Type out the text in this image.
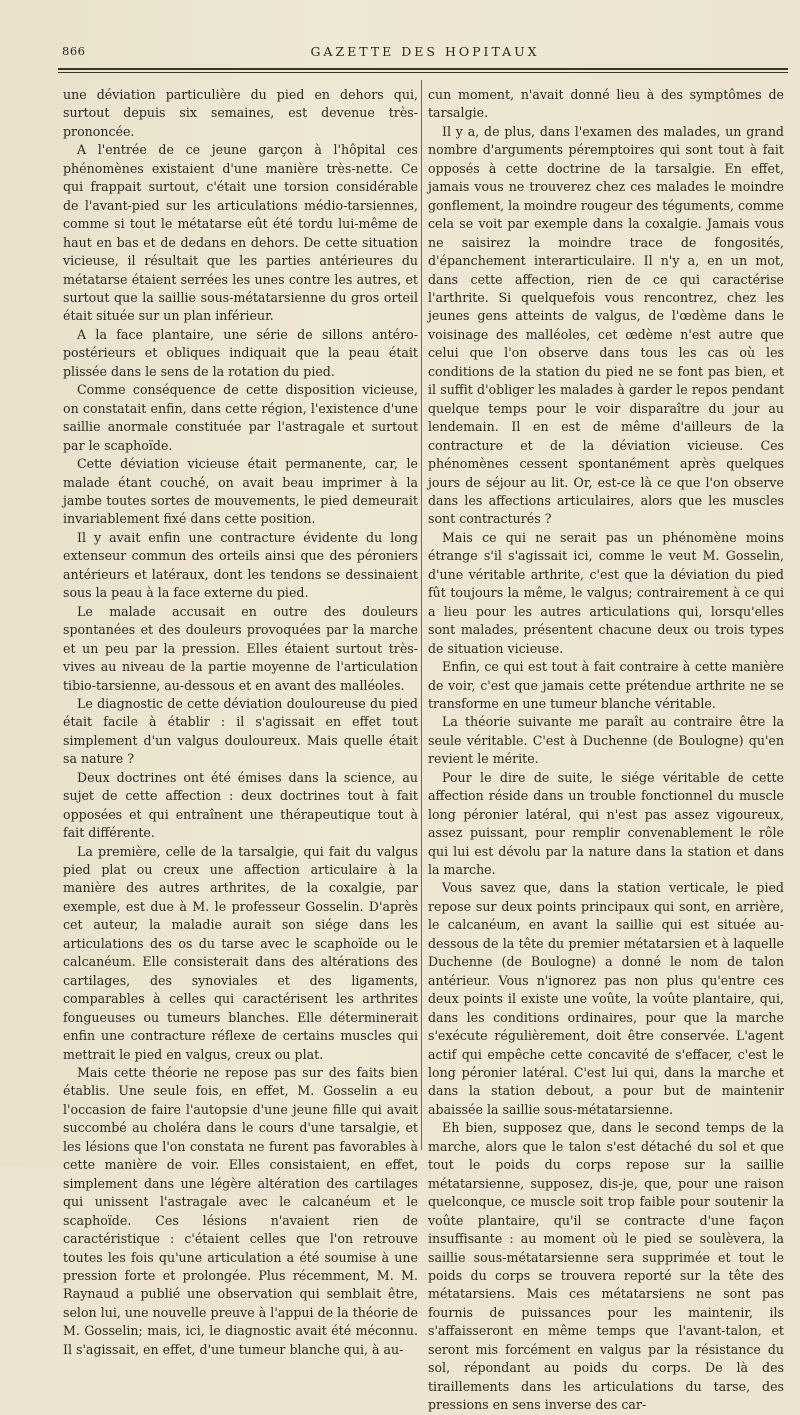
866	GAZETTE DES HOPITAUX

une déviation particulière du pied en dehors qui, surtout depuis six semaines, est devenue très-prononcée.

A l'entrée de ce jeune garçon à l'hôpital ces phénomènes existaient d'une manière très-nette. Ce qui frappait surtout, c'était une torsion considérable de l'avant-pied sur les articulations médio-tarsiennes, comme si tout le métatarse eût été tordu lui-même de haut en bas et de dedans en dehors. De cette situation vicieuse, il résultait que les parties antérieures du métatarse étaient serrées les unes contre les autres, et surtout que la saillie sous-métatarsienne du gros orteil était située sur un plan inférieur.

A la face plantaire, une série de sillons antéro-postérieurs et obliques indiquait que la peau était plissée dans le sens de la rotation du pied.

Comme conséquence de cette disposition vicieuse, on constatait enfin, dans cette région, l'existence d'une saillie anormale constituée par l'astragale et surtout par le scaphoïde.

Cette déviation vicieuse était permanente, car, le malade étant couché, on avait beau imprimer à la jambe toutes sortes de mouvements, le pied demeurait invariablement fixé dans cette position.

Il y avait enfin une contracture évidente du long extenseur commun des orteils ainsi que des péroniers antérieurs et latéraux, dont les tendons se dessinaient sous la peau à la face externe du pied.

Le malade accusait en outre des douleurs spontanées et des douleurs provoquées par la marche et un peu par la pression. Elles étaient surtout très-vives au niveau de la partie moyenne de l'articulation tibio-tarsienne, au-dessous et en avant des malléoles.

Le diagnostic de cette déviation douloureuse du pied était facile à établir : il s'agissait en effet tout simplement d'un valgus douloureux. Mais quelle était sa nature ?

Deux doctrines ont été émises dans la science, au sujet de cette affection : deux doctrines tout à fait opposées et qui entraînent une thérapeutique tout à fait différente.

La première, celle de la tarsalgie, qui fait du valgus pied plat ou creux une affection articulaire à la manière des autres arthrites, de la coxalgie, par exemple, est due à M. le professeur Gosselin. D'après cet auteur, la maladie aurait son siége dans les articulations des os du tarse avec le scaphoïde ou le calcanéum. Elle consisterait dans des altérations des cartilages, des synoviales et des ligaments, comparables à celles qui caractérisent les arthrites fongueuses ou tumeurs blanches. Elle déterminerait enfin une contracture réflexe de certains muscles qui mettrait le pied en valgus, creux ou plat.

Mais cette théorie ne repose pas sur des faits bien établis. Une seule fois, en effet, M. Gosselin a eu l'occasion de faire l'autopsie d'une jeune fille qui avait succombé au choléra dans le cours d'une tarsalgie, et les lésions que l'on constata ne furent pas favorables à cette manière de voir. Elles consistaient, en effet, simplement dans une légère altération des cartilages qui unissent l'astragale avec le calcanéum et le scaphoïde. Ces lésions n'avaient rien de caractéristique : c'étaient celles que l'on retrouve toutes les fois qu'une articulation a été soumise à une pression forte et prolongée. Plus récemment, M. M. Raynaud a publié une observation qui semblait être, selon lui, une nouvelle preuve à l'appui de la théorie de M. Gosselin; mais, ici, le diagnostic avait été méconnu. Il s'agissait, en effet, d'une tumeur blanche qui, à au-

cun moment, n'avait donné lieu à des symptômes de tarsalgie.

Il y a, de plus, dans l'examen des malades, un grand nombre d'arguments péremptoires qui sont tout à fait opposés à cette doctrine de la tarsalgie. En effet, jamais vous ne trouverez chez ces malades le moindre gonflement, la moindre rougeur des téguments, comme cela se voit par exemple dans la coxalgie. Jamais vous ne saisirez la moindre trace de fongosités, d'épanchement interarticulaire. Il n'y a, en un mot, dans cette affection, rien de ce qui caractérise l'arthrite. Si quelquefois vous rencontrez, chez les jeunes gens atteints de valgus, de l'œdème dans le voisinage des malléoles, cet œdème n'est autre que celui que l'on observe dans tous les cas où les conditions de la station du pied ne se font pas bien, et il suffit d'obliger les malades à garder le repos pendant quelque temps pour le voir disparaître du jour au lendemain. Il en est de même d'ailleurs de la contracture et de la déviation vicieuse. Ces phénomènes cessent spontanément après quelques jours de séjour au lit. Or, est-ce là ce que l'on observe dans les affections articulaires, alors que les muscles sont contracturés ?

Mais ce qui ne serait pas un phénomène moins étrange s'il s'agissait ici, comme le veut M. Gosselin, d'une véritable arthrite, c'est que la déviation du pied fût toujours la même, le valgus; contrairement à ce qui a lieu pour les autres articulations qui, lorsqu'elles sont malades, présentent chacune deux ou trois types de situation vicieuse.

Enfin, ce qui est tout à fait contraire à cette manière de voir, c'est que jamais cette prétendue arthrite ne se transforme en une tumeur blanche véritable.

La théorie suivante me paraît au contraire être la seule véritable. C'est à Duchenne (de Boulogne) qu'en revient le mérite.

Pour le dire de suite, le siége véritable de cette affection réside dans un trouble fonctionnel du muscle long péronier latéral, qui n'est pas assez vigoureux, assez puissant, pour remplir convenablement le rôle qui lui est dévolu par la nature dans la station et dans la marche.

Vous savez que, dans la station verticale, le pied repose sur deux points principaux qui sont, en arrière, le calcanéum, en avant la saillie qui est située au-dessous de la tête du premier métatarsien et à laquelle Duchenne (de Boulogne) a donné le nom de talon antérieur. Vous n'ignorez pas non plus qu'entre ces deux points il existe une voûte, la voûte plantaire, qui, dans les conditions ordinaires, pour que la marche s'exécute régulièrement, doit être conservée. L'agent actif qui empêche cette concavité de s'effacer, c'est le long péronier latéral. C'est lui qui, dans la marche et dans la station debout, a pour but de maintenir abaissée la saillie sous-métatarsienne.

Eh bien, supposez que, dans le second temps de la marche, alors que le talon s'est détaché du sol et que tout le poids du corps repose sur la saillie métatarsienne, supposez, dis-je, que, pour une raison quelconque, ce muscle soit trop faible pour soutenir la voûte plantaire, qu'il se contracte d'une façon insuffisante : au moment où le pied se soulèvera, la saillie sous-métatarsienne sera supprimée et tout le poids du corps se trouvera reporté sur la tête des métatarsiens. Mais ces métatarsiens ne sont pas fournis de puissances pour les maintenir, ils s'affaisseront en même temps que l'avant-talon, et seront mis forcément en valgus par la résistance du sol, répondant au poids du corps. De là des tiraillements dans les articulations du tarse, des pressions en sens inverse des car-
